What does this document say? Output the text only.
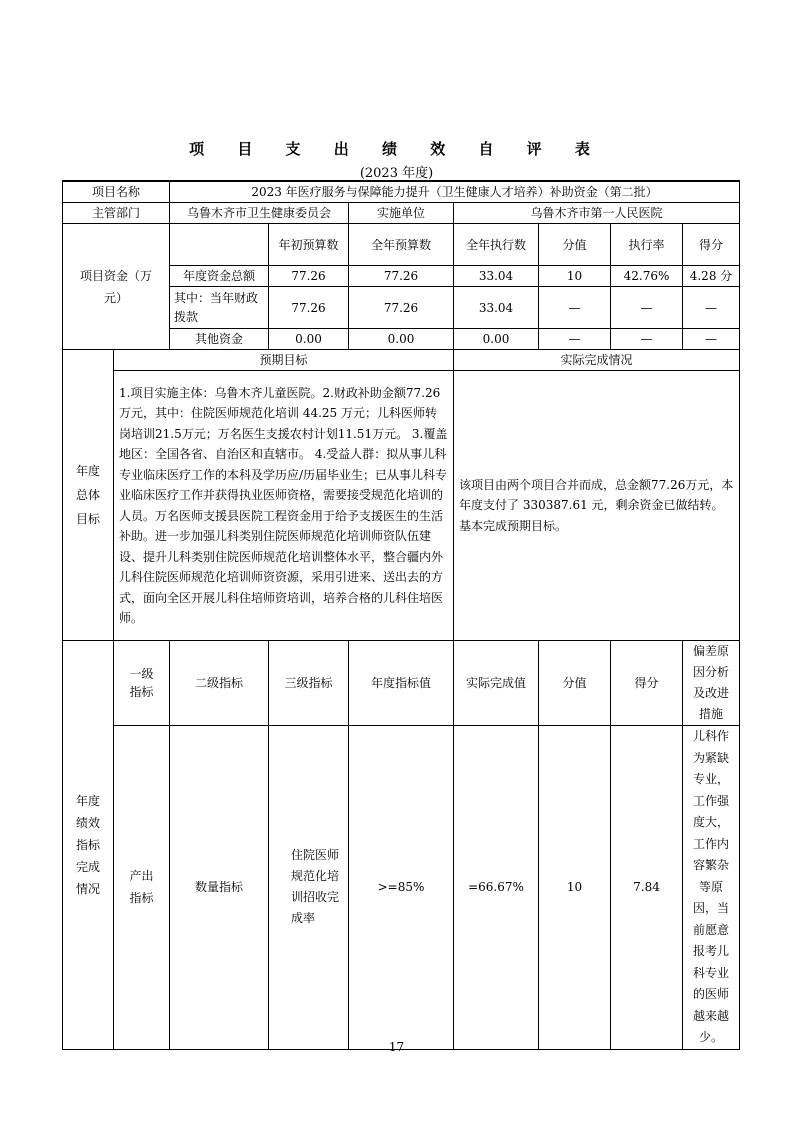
项 目 支 出 绩 效 自 评 表
(2023 年度)
项目名称		2023 年医疗服务与保障能力提升（卫生健康人才培养）补助资金（第二批）						
主管部门		乌鲁木齐市卫生健康委员会		实施单位	乌鲁木齐市第一人民医院			
项目资金（万元）			年初预算数	全年预算数	全年执行数	分值	执行率	得分
		年度资金总额	77.26	77.26	33.04	10	42.76%	4.28 分
		其中：当年财政拨款	77.26	77.26	33.04	—	—	—
		其他资金	0.00	0.00	0.00	—	—	—
年度总体目标	预期目标				实际完成情况			
	1.项目实施主体：乌鲁木齐儿童医院。2.财政补助金额77.26万元，其中：住院医师规范化培训 44.25 万元；儿科医师转岗培训21.5万元；万名医生支援农村计划11.51万元。 3.覆盖地区：全国各省、自治区和直辖市。 4.受益人群：拟从事儿科专业临床医疗工作的本科及学历应/历届毕业生；已从事儿科专业临床医疗工作并获得执业医师资格，需要接受规范化培训的人员。万名医师支援县医院工程资金用于给予支援医生的生活补助。进一步加强儿科类别住院医师规范化培训师资队伍建设、提升儿科类别住院医师规范化培训整体水平，整合疆内外儿科住院医师规范化培训师资资源，采用引进来、送出去的方式，面向全区开展儿科住培师资培训，培养合格的儿科住培医师。				该项目由两个项目合并而成，总金额77.26万元，本年度支付了 330387.61 元，剩余资金已做结转。基本完成预期目标。			
年度绩效指标完成情况	一级指标	二级指标	三级指标	年度指标值	实际完成值	分值	得分	偏差原因分析及改进措施
	产出指标	数量指标	住院医师规范化培训招收完成率	>=85%	=66.67%	10	7.84	儿科作为紧缺专业，工作强度大，工作内容繁杂等原因，当前愿意报考儿科专业的医师越来越少。
17
